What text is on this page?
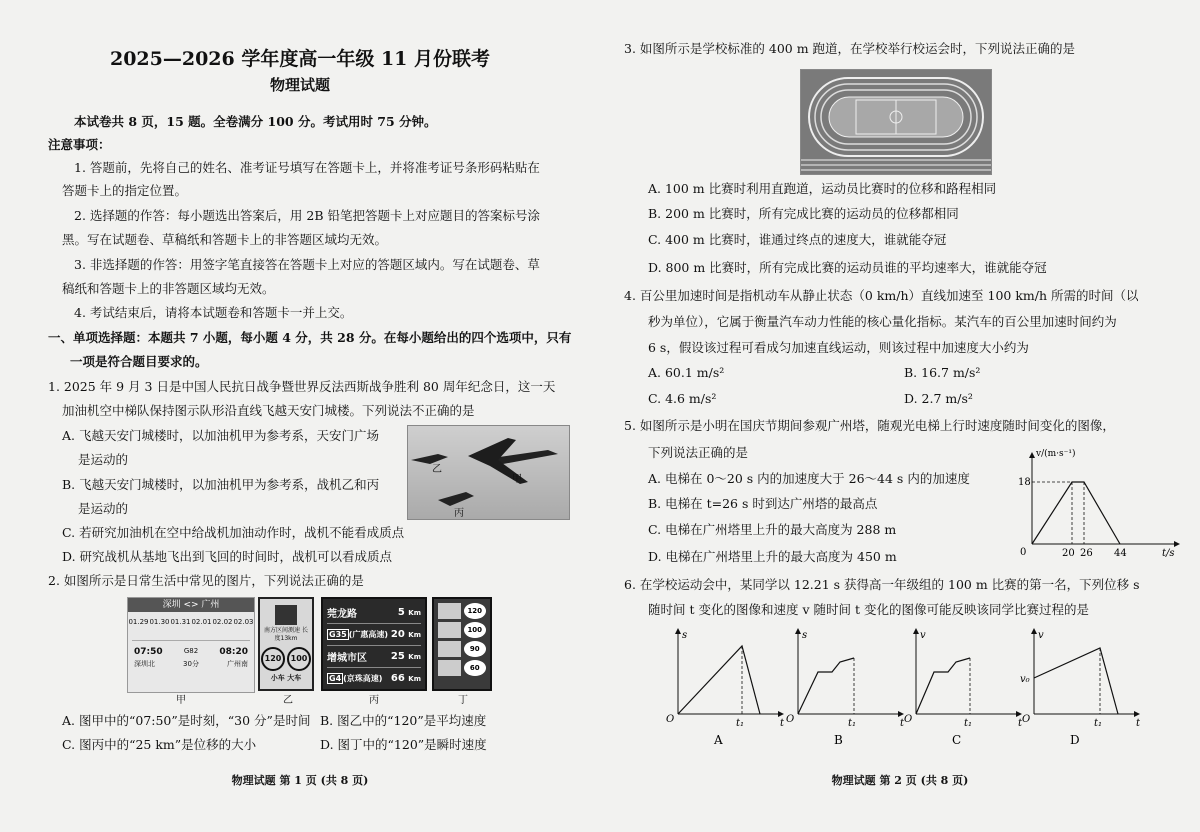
2025—2026 学年度高一年级 11 月份联考
物理试题
本试卷共 8 页，15 题。全卷满分 100 分。考试用时 75 分钟。
注意事项：
1. 答题前，先将自己的姓名、准考证号填写在答题卡上，并将准考证号条形码粘贴在
答题卡上的指定位置。
2. 选择题的作答：每小题选出答案后，用 2B 铅笔把答题卡上对应题目的答案标号涂
黑。写在试题卷、草稿纸和答题卡上的非答题区域均无效。
3. 非选择题的作答：用签字笔直接答在答题卡上对应的答题区域内。写在试题卷、草
稿纸和答题卡上的非答题区域均无效。
4. 考试结束后，请将本试题卷和答题卡一并上交。
一、单项选择题：本题共 7 小题，每小题 4 分，共 28 分。在每小题给出的四个选项中，只有
一项是符合题目要求的。
1. 2025 年 9 月 3 日是中国人民抗日战争暨世界反法西斯战争胜利 80 周年纪念日，这一天
加油机空中梯队保持图示队形沿直线飞越天安门城楼。下列说法不正确的是
A. 飞越天安门城楼时，以加油机甲为参考系，天安门广场
是运动的
B. 飞越天安门城楼时，以加油机甲为参考系，战机乙和丙
是运动的
C. 若研究加油机在空中给战机加油动作时，战机不能看成质点
D. 研究战机从基地飞出到飞回的时间时，战机可以看成质点
乙
甲
丙
2. 如图所示是日常生活中常见的图片，下列说法正确的是
深圳 <> 广州
01.29 01.30 01.31 02.01 02.02 02.03
07:50	G82 08:20
深圳北	30分	广州南
南方区间测速 长度13km
120	100
小车 大车
莞龙路	5 Km
G35 (广惠高速) 20 Km
增城市区 25 Km
G4 (京珠高速) 66 Km
120
100
90
60
甲	乙	丙	丁
A. 图甲中的“07:50”是时刻，“30 分”是时间 B. 图乙中的“120”是平均速度
C. 图丙中的“25 km”是位移的大小	D. 图丁中的“120”是瞬时速度
物理试题 第 1 页 (共 8 页)
3. 如图所示是学校标准的 400 m 跑道，在学校举行校运会时，下列说法正确的是
A. 100 m 比赛时利用直跑道，运动员比赛时的位移和路程相同
B. 200 m 比赛时，所有完成比赛的运动员的位移都相同
C. 400 m 比赛时，谁通过终点的速度大，谁就能夺冠
D. 800 m 比赛时，所有完成比赛的运动员谁的平均速率大，谁就能夺冠
4. 百公里加速时间是指机动车从静止状态（0 km/h）直线加速至 100 km/h 所需的时间（以
秒为单位），它属于衡量汽车动力性能的核心量化指标。某汽车的百公里加速时间约为
6 s，假设该过程可看成匀加速直线运动，则该过程中加速度大小约为
A. 60.1 m/s²	B. 16.7 m/s²
C. 4.6 m/s²	D. 2.7 m/s²
5. 如图所示是小明在国庆节期间参观广州塔，随观光电梯上行时速度随时间变化的图像，
下列说法正确的是
A. 电梯在 0～20 s 内的加速度大于 26～44 s 内的加速度
B. 电梯在 t=26 s 时到达广州塔的最高点
C. 电梯在广州塔里上升的最大高度为 288 m
D. 电梯在广州塔里上升的最大高度为 450 m
v/(m·s⁻¹)
18
0	20 26 44	t/s
6. 在学校运动会中，某同学以 12.21 s 获得高一年级组的 100 m 比赛的第一名，下列位移 s
随时间 t 变化的图像和速度 v 随时间 t 变化的图像可能反映该同学比赛过程的是
s
O	t₁	t
A
s
O	t₁	t
B
v
O	t₁	t
C
v
v₀
O	t₁	t
D
物理试题 第 2 页 (共 8 页)
